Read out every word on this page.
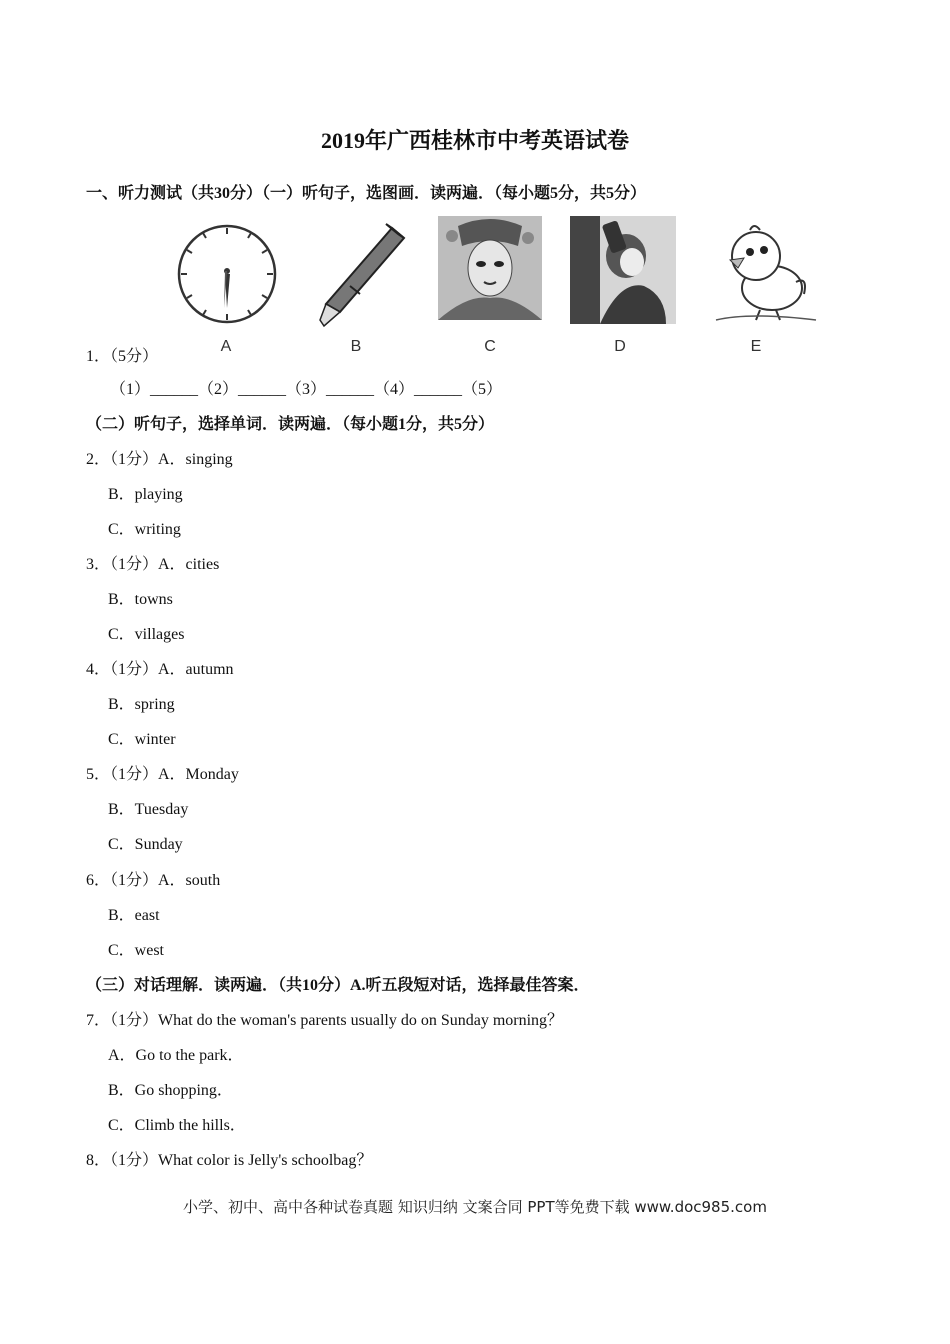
2019年广西桂林市中考英语试卷
一、听力测试（共30分）（一）听句子，选图画．读两遍．（每小题5分，共5分）
A	B	C	D	E
1．（5分）
（1）______（2）______（3）______（4）______（5）
（二）听句子，选择单词．读两遍．（每小题1分，共5分）
2．（1分）A．singing
B．playing
C．writing
3．（1分）A．cities
B．towns
C．villages
4．（1分）A．autumn
B．spring
C．winter
5．（1分）A．Monday
B．Tuesday
C．Sunday
6．（1分）A．south
B．east
C．west
（三）对话理解．读两遍．（共10分）A.听五段短对话，选择最佳答案．
7．（1分）What do the woman's parents usually do on Sunday morning？
A．Go to the park．
B．Go shopping．
C．Climb the hills．
8．（1分）What color is Jelly's schoolbag？
小学、初中、高中各种试卷真题 知识归纳 文案合同 PPT等免费下载 www.doc985.com
